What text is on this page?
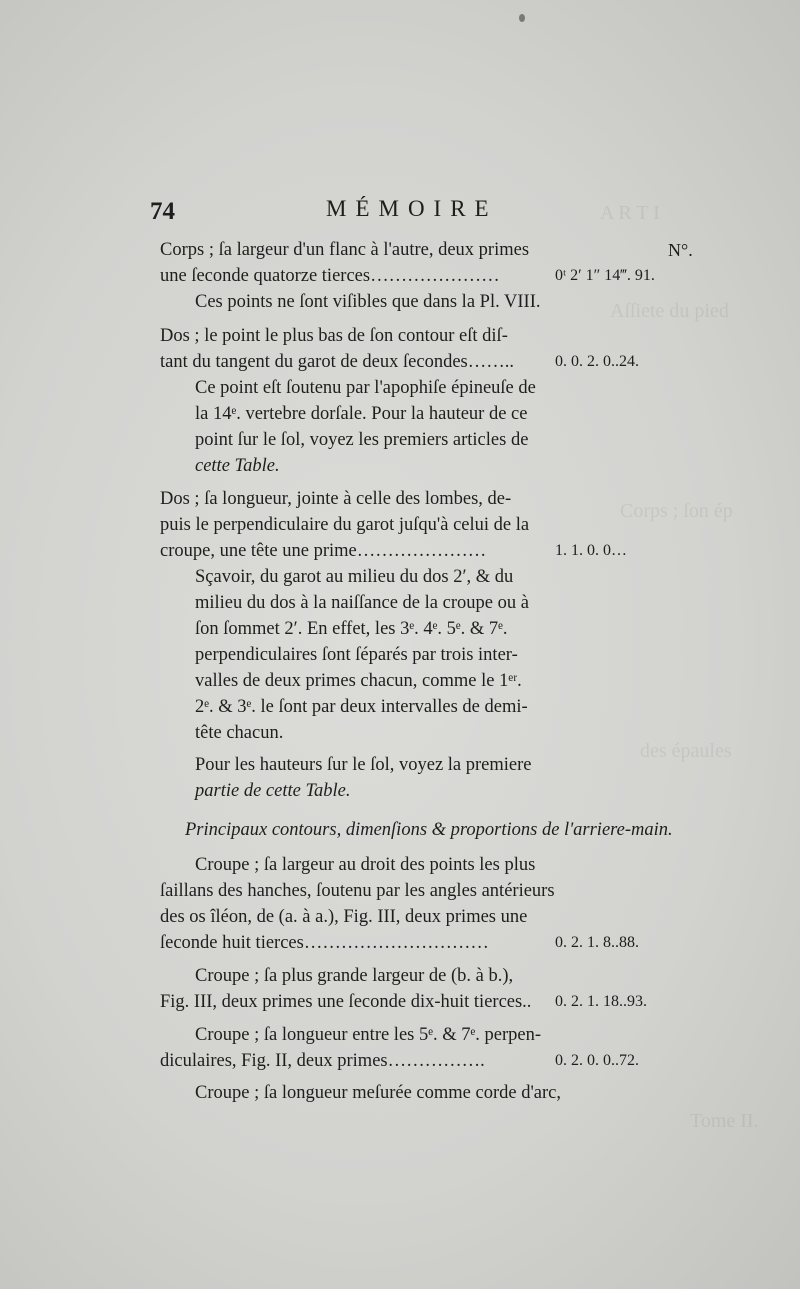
A R T I
Aſſiete du pied
Corps ; ſon ép
des épaules
Tome II.
74	MÉMOIRE
Corps ; ſa largeur d'un flanc à l'autre, deux primes	N°.
une ſeconde quatorze tierces…………………	0ᵗ 2′ 1″ 14‴. 91.
Ces points ne ſont viſibles que dans la Pl. VIII.
Dos ; le point le plus bas de ſon contour eſt diſ-
tant du tangent du garot de deux ſecondes……..	0. 0. 2. 0..24.
Ce point eſt ſoutenu par l'apophiſe épineuſe de
la 14ᵉ. vertebre dorſale. Pour la hauteur de ce
point ſur le ſol, voyez les premiers articles de
cette Table.
Dos ; ſa longueur, jointe à celle des lombes, de-
puis le perpendiculaire du garot juſqu'à celui de la
croupe, une tête une prime…………………	1. 1. 0. 0…
Sçavoir, du garot au milieu du dos 2′, & du
milieu du dos à la naiſſance de la croupe ou à
ſon ſommet 2′. En effet, les 3ᵉ. 4ᵉ. 5ᵉ. & 7ᵉ.
perpendiculaires ſont ſéparés par trois inter-
valles de deux primes chacun, comme le 1ᵉʳ.
2ᵉ. & 3ᵉ. le ſont par deux intervalles de demi-
tête chacun.
Pour les hauteurs ſur le ſol, voyez la premiere
partie de cette Table.
Principaux contours, dimenſions & proportions de l'arriere-main.
Croupe ; ſa largeur au droit des points les plus
ſaillans des hanches, ſoutenu par les angles antérieurs
des os îléon, de (a. à a.), Fig. III, deux primes une
ſeconde huit tierces…………………………	0. 2. 1. 8..88.
Croupe ; ſa plus grande largeur de (b. à b.),
Fig. III, deux primes une ſeconde dix-huit tierces.. 0. 2. 1. 18..93.
Croupe ; ſa longueur entre les 5ᵉ. & 7ᵉ. perpen-
diculaires, Fig. II, deux primes…………….	0. 2. 0. 0..72.
Croupe ; ſa longueur meſurée comme corde d'arc,
